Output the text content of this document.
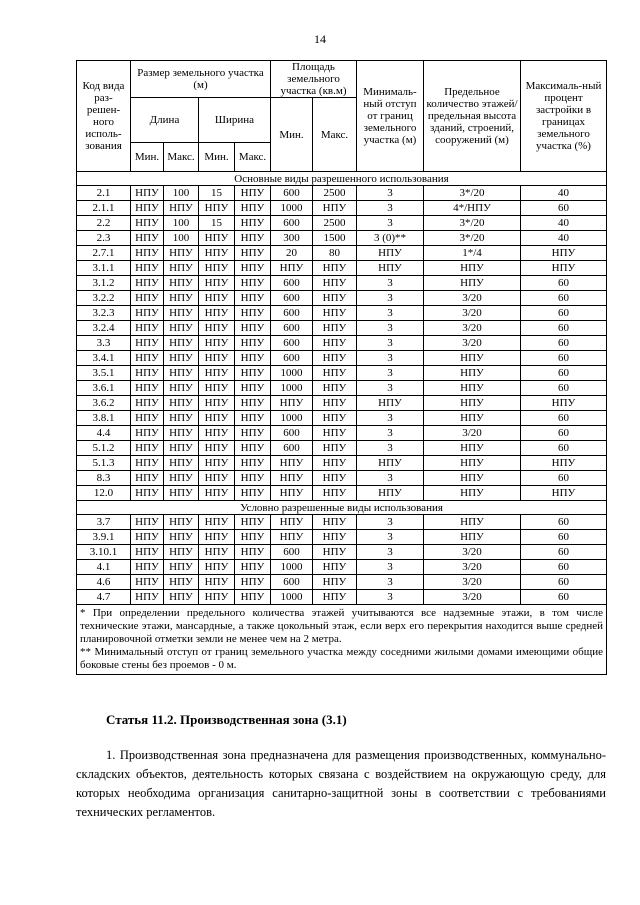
14
Код вида раз-решен-ного исполь-зования	Размер земельного участка (м)				Площадь земельного участка (кв.м)		Минималь-ный отступ от границ земельного участка (м)	Предельное количество этажей/ предельная высота зданий, строений, сооружений (м)	Максималь-ный процент застройки в границах земельного участка (%)
	Длина		Ширина		Мин.	Макс.			
	Мин.	Макс.	Мин.	Макс.					
Основные виды разрешенного использования									
2.1	НПУ	100	15	НПУ	600	2500	3	3*/20	40
2.1.1	НПУ	НПУ	НПУ	НПУ	1000	НПУ	3	4*/НПУ	60
2.2	НПУ	100	15	НПУ	600	2500	3	3*/20	40
2.3	НПУ	100	НПУ	НПУ	300	1500	3 (0)**	3*/20	40
2.7.1	НПУ	НПУ	НПУ	НПУ	20	80	НПУ	1*/4	НПУ
3.1.1	НПУ	НПУ	НПУ	НПУ	НПУ	НПУ	НПУ	НПУ	НПУ
3.1.2	НПУ	НПУ	НПУ	НПУ	600	НПУ	3	НПУ	60
3.2.2	НПУ	НПУ	НПУ	НПУ	600	НПУ	3	3/20	60
3.2.3	НПУ	НПУ	НПУ	НПУ	600	НПУ	3	3/20	60
3.2.4	НПУ	НПУ	НПУ	НПУ	600	НПУ	3	3/20	60
3.3	НПУ	НПУ	НПУ	НПУ	600	НПУ	3	3/20	60
3.4.1	НПУ	НПУ	НПУ	НПУ	600	НПУ	3	НПУ	60
3.5.1	НПУ	НПУ	НПУ	НПУ	1000	НПУ	3	НПУ	60
3.6.1	НПУ	НПУ	НПУ	НПУ	1000	НПУ	3	НПУ	60
3.6.2	НПУ	НПУ	НПУ	НПУ	НПУ	НПУ	НПУ	НПУ	НПУ
3.8.1	НПУ	НПУ	НПУ	НПУ	1000	НПУ	3	НПУ	60
4.4	НПУ	НПУ	НПУ	НПУ	600	НПУ	3	3/20	60
5.1.2	НПУ	НПУ	НПУ	НПУ	600	НПУ	3	НПУ	60
5.1.3	НПУ	НПУ	НПУ	НПУ	НПУ	НПУ	НПУ	НПУ	НПУ
8.3	НПУ	НПУ	НПУ	НПУ	НПУ	НПУ	3	НПУ	60
12.0	НПУ	НПУ	НПУ	НПУ	НПУ	НПУ	НПУ	НПУ	НПУ
Условно разрешенные виды использования									
3.7	НПУ	НПУ	НПУ	НПУ	НПУ	НПУ	3	НПУ	60
3.9.1	НПУ	НПУ	НПУ	НПУ	НПУ	НПУ	3	НПУ	60
3.10.1	НПУ	НПУ	НПУ	НПУ	600	НПУ	3	3/20	60
4.1	НПУ	НПУ	НПУ	НПУ	1000	НПУ	3	3/20	60
4.6	НПУ	НПУ	НПУ	НПУ	600	НПУ	3	3/20	60
4.7	НПУ	НПУ	НПУ	НПУ	1000	НПУ	3	3/20	60

* При определении предельного количества этажей учитываются все надземные этажи, в том числе технические этажи, мансардные, а также цокольный этаж, если верх его перекрытия находится выше средней планировочной отметки земли не менее чем на 2 метра.
** Минимальный отступ от границ земельного участка между соседними жилыми домами имеющими общие боковые стены без проемов - 0 м.									
Статья 11.2. Производственная зона (3.1)
1. Производственная зона предназначена для размещения производственных, коммунально-складских объектов, деятельность которых связана с воздействием на окружающую среду, для которых необходима организация санитарно-защитной зоны в соответствии с требованиями технических регламентов.
